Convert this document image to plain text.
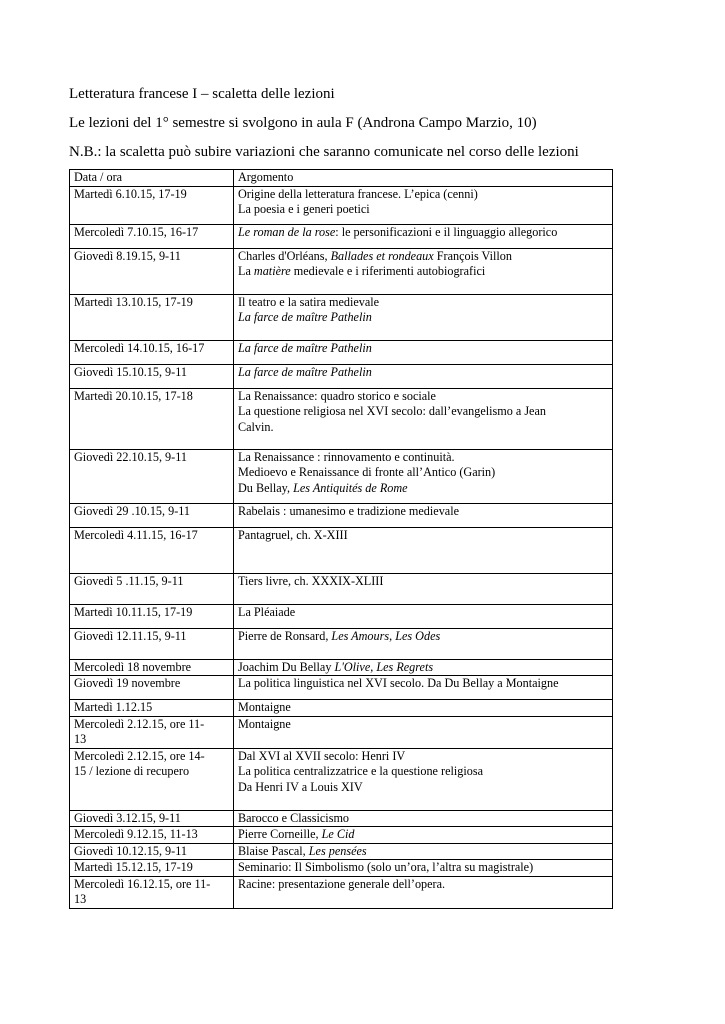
Letteratura francese I – scaletta delle lezioni

Le lezioni del 1° semestre si svolgono in aula F (Androna Campo Marzio, 10)

N.B.: la scaletta può subire variazioni che saranno comunicate nel corso delle lezioni

Data / ora	Argomento

Martedì 6.10.15, 17-19	Origine della letteratura francese. L’epica (cenni)
La poesia e i generi poetici

Mercoledì 7.10.15, 16-17	Le roman de la rose: le personificazioni e il linguaggio allegorico

Giovedì 8.19.15, 9-11	Charles d'Orléans, Ballades et rondeaux François Villon
La matière medievale e i riferimenti autobiografici

Martedì 13.10.15, 17-19	Il teatro e la satira medievale
La farce de maître Pathelin

Mercoledì 14.10.15, 16-17	La farce de maître Pathelin

Giovedì 15.10.15, 9-11	La farce de maître Pathelin

Martedì 20.10.15, 17-18	La Renaissance: quadro storico e sociale
La questione religiosa nel XVI secolo: dall’evangelismo a Jean
Calvin.

Giovedì 22.10.15, 9-11	La Renaissance : rinnovamento e continuità.
Medioevo e Renaissance di fronte all’Antico (Garin)
Du Bellay, Les Antiquités de Rome

Giovedì 29 .10.15, 9-11	Rabelais : umanesimo e tradizione medievale

Mercoledì 4.11.15, 16-17	Pantagruel, ch. X-XIII

Giovedì 5 .11.15, 9-11	Tiers livre, ch. XXXIX-XLIII

Martedì 10.11.15, 17-19	La Pléaiade

Giovedì 12.11.15, 9-11	Pierre de Ronsard, Les Amours, Les Odes

Mercoledì 18 novembre	Joachim Du Bellay L'Olive, Les Regrets

Giovedì 19 novembre	La politica linguistica nel XVI secolo. Da Du Bellay a Montaigne

Martedì 1.12.15	Montaigne

Mercoledì 2.12.15, ore 11-
13	Montaigne

Mercoledì 2.12.15, ore 14-
15 / lezione di recupero	Dal XVI al XVII secolo: Henri IV
La politica centralizzatrice e la questione religiosa
Da Henri IV a Louis XIV

Giovedì 3.12.15, 9-11	Barocco e Classicismo

Mercoledì 9.12.15, 11-13	Pierre Corneille, Le Cid

Giovedì 10.12.15, 9-11	Blaise Pascal, Les pensées

Martedì 15.12.15, 17-19	Seminario: Il Simbolismo (solo un’ora, l’altra su magistrale)

Mercoledì 16.12.15, ore 11-
13	Racine: presentazione generale dell’opera.
